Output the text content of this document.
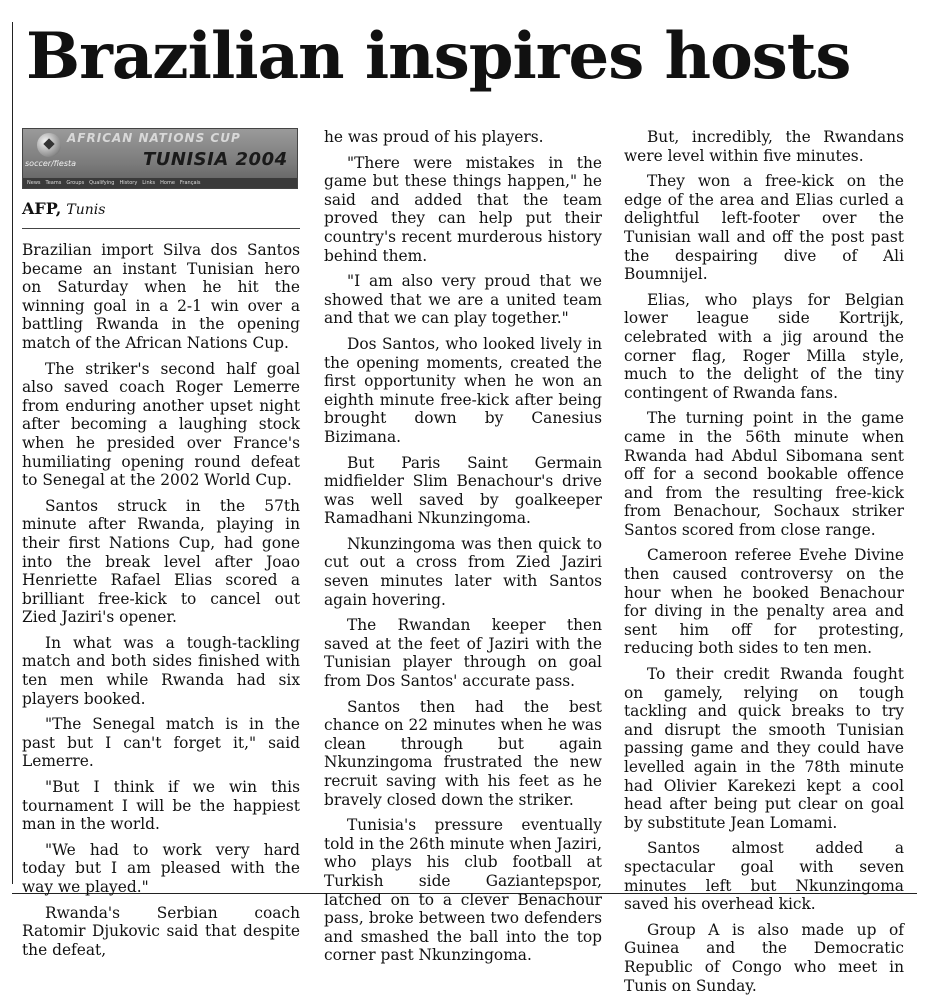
Brazilian inspires hosts
AFRICAN NATIONS CUP
soccer/fiesta	TUNISIA 2004
News Teams Groups Qualifying History Links Home Français
AFP, Tunis

Brazilian import Silva dos Santos became an instant Tunisian hero on Saturday when he hit the winning goal in a 2-1 win over a battling Rwanda in the opening match of the African Nations Cup.

The striker's second half goal also saved coach Roger Lemerre from enduring another upset night after becoming a laughing stock when he presided over France's humiliating opening round defeat to Senegal at the 2002 World Cup.

Santos struck in the 57th minute after Rwanda, playing in their first Nations Cup, had gone into the break level after Joao Henriette Rafael Elias scored a brilliant free-kick to cancel out Zied Jaziri's opener.

In what was a tough-tackling match and both sides finished with ten men while Rwanda had six players booked.

"The Senegal match is in the past but I can't forget it," said Lemerre.

"But I think if we win this tournament I will be the happiest man in the world.

"We had to work very hard today but I am pleased with the way we played."

Rwanda's Serbian coach Ratomir Djukovic said that despite the defeat,

he was proud of his players.

"There were mistakes in the game but these things happen," he said and added that the team proved they can help put their country's recent murderous history behind them.

"I am also very proud that we showed that we are a united team and that we can play together."

Dos Santos, who looked lively in the opening moments, created the first opportunity when he won an eighth minute free-kick after being brought down by Canesius Bizimana.

But Paris Saint Germain midfielder Slim Benachour's drive was well saved by goalkeeper Ramadhani Nkunzingoma.

Nkunzingoma was then quick to cut out a cross from Zied Jaziri seven minutes later with Santos again hovering.

The Rwandan keeper then saved at the feet of Jaziri with the Tunisian player through on goal from Dos Santos' accurate pass.

Santos then had the best chance on 22 minutes when he was clean through but again Nkunzingoma frustrated the new recruit saving with his feet as he bravely closed down the striker.

Tunisia's pressure eventually told in the 26th minute when Jaziri, who plays his club football at Turkish side Gaziantepspor, latched on to a clever Benachour pass, broke between two defenders and smashed the ball into the top corner past Nkunzingoma.

But, incredibly, the Rwandans were level within five minutes.

They won a free-kick on the edge of the area and Elias curled a delightful left-footer over the Tunisian wall and off the post past the despairing dive of Ali Boumnijel.

Elias, who plays for Belgian lower league side Kortrijk, celebrated with a jig around the corner flag, Roger Milla style, much to the delight of the tiny contingent of Rwanda fans.

The turning point in the game came in the 56th minute when Rwanda had Abdul Sibomana sent off for a second bookable offence and from the resulting free-kick from Benachour, Sochaux striker Santos scored from close range.

Cameroon referee Evehe Divine then caused controversy on the hour when he booked Benachour for diving in the penalty area and sent him off for protesting, reducing both sides to ten men.

To their credit Rwanda fought on gamely, relying on tough tackling and quick breaks to try and disrupt the smooth Tunisian passing game and they could have levelled again in the 78th minute had Olivier Karekezi kept a cool head after being put clear on goal by substitute Jean Lomami.

Santos almost added a spectacular goal with seven minutes left but Nkunzingoma saved his overhead kick.

Group A is also made up of Guinea and the Democratic Republic of Congo who meet in Tunis on Sunday.
